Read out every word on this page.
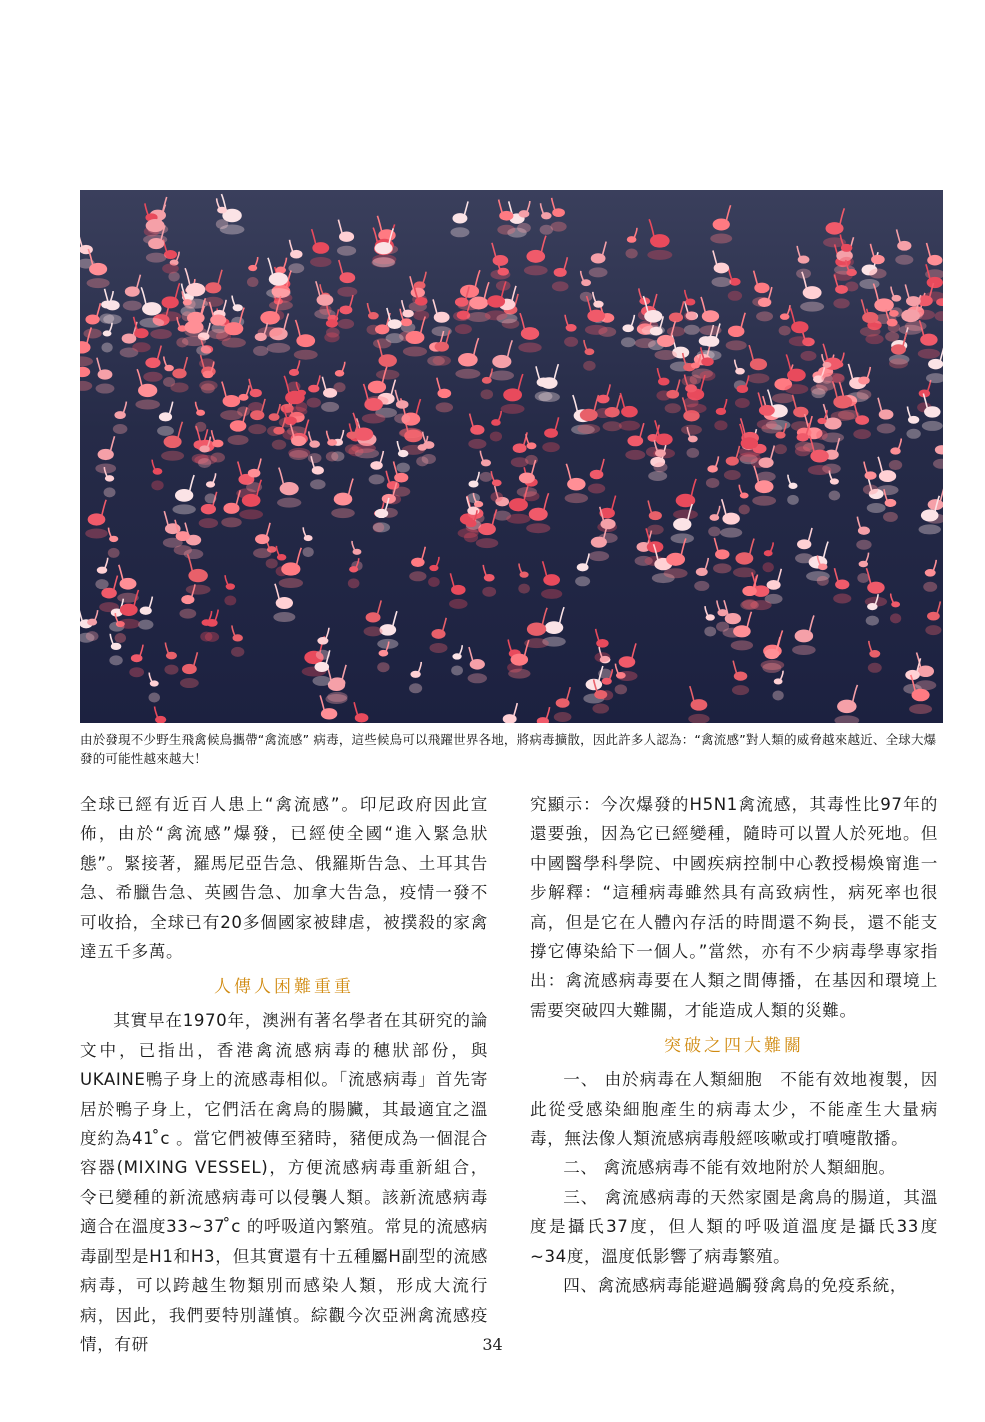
由於發現不少野生飛禽候鳥攜帶“禽流感” 病毒，這些候鳥可以飛躍世界各地，將病毒擴散，因此許多人認為：“禽流感”對人類的威脅越來越近、全球大爆發的可能性越來越大！

全球已經有近百人患上“禽流感”。印尼政府因此宣佈，由於“禽流感”爆發，已經使全國“進入緊急狀態”。緊接著，羅馬尼亞告急、俄羅斯告急、土耳其告急、希臘告急、英國告急、加拿大告急，疫情一發不可收拾，全球已有20多個國家被肆虐，被撲殺的家禽達五千多萬。

人傳人困難重重

其實早在1970年，澳洲有著名學者在其研究的論文中，已指出，香港禽流感病毒的穗狀部份，與UKAINE鴨子身上的流感毒相似。「流感病毒」首先寄居於鴨子身上，它們活在禽鳥的腸臟，其最適宜之溫度約為41 ̊c 。當它們被傳至豬時，豬便成為一個混合容器(MIXING VESSEL)，方便流感病毒重新組合，令已變種的新流感病毒可以侵襲人類。該新流感病毒適合在溫度33~37 ̊c 的呼吸道內繁殖。常見的流感病毒副型是H1和H3，但其實還有十五種屬H副型的流感病毒，可以跨越生物類別而感染人類，形成大流行病，因此，我們要特別謹慎。綜觀今次亞洲禽流感疫情，有研

究顯示：今次爆發的H5N1禽流感，其毒性比97年的還要強，因為它已經變種，隨時可以置人於死地。但中國醫學科學院、中國疾病控制中心教授楊煥甯進一步解釋：“這種病毒雖然具有高致病性，病死率也很高，但是它在人體內存活的時間還不夠長，還不能支撐它傳染給下一個人。”當然，亦有不少病毒學專家指出：禽流感病毒要在人類之間傳播，在基因和環境上需要突破四大難關，才能造成人類的災難。

突破之四大難關

一、 由於病毒在人類細胞　不能有效地複製，因此從受感染細胞產生的病毒太少，不能產生大量病毒，無法像人類流感病毒般經咳嗽或打噴嚏散播。

二、 禽流感病毒不能有效地附於人類細胞。

三、 禽流感病毒的天然家園是禽鳥的腸道，其溫度是攝氏37度，但人類的呼吸道溫度是攝氏33度~34度，溫度低影響了病毒繁殖。

四、禽流感病毒能避過觸發禽鳥的免疫系統，

34
